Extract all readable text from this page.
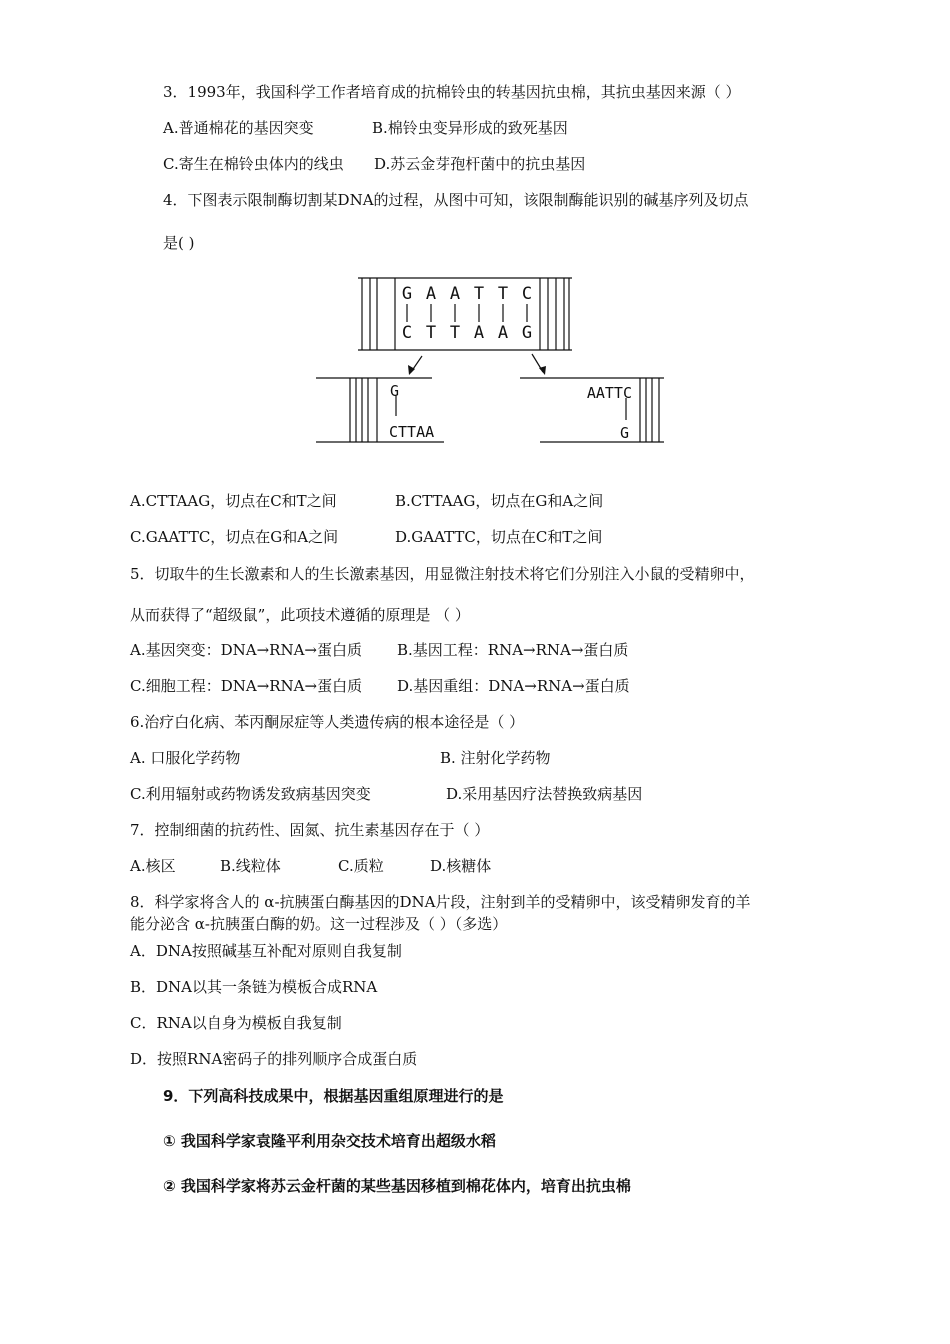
3．1993年，我国科学工作者培育成的抗棉铃虫的转基因抗虫棉，其抗虫基因来源（ ）
A.普通棉花的基因突变	B.棉铃虫变异形成的致死基因
C.寄生在棉铃虫体内的线虫 D.苏云金芽孢杆菌中的抗虫基因
4．下图表示限制酶切割某DNA的过程，从图中可知，该限制酶能识别的碱基序列及切点
是( )
G A A T T C
C T T A A G
G
CTTAA
AATTC
G
A.CTTAAG，切点在C和T之间	B.CTTAAG，切点在G和A之间
C.GAATTC，切点在G和A之间	D.GAATTC，切点在C和T之间
5．切取牛的生长激素和人的生长激素基因，用显微注射技术将它们分别注入小鼠的受精卵中，
从而获得了“超级鼠”，此项技术遵循的原理是 （ ）
A.基因突变：DNA→RNA→蛋白质 B.基因工程：RNA→RNA→蛋白质
C.细胞工程：DNA→RNA→蛋白质 D.基因重组：DNA→RNA→蛋白质
6.治疗白化病、苯丙酮尿症等人类遗传病的根本途径是（ ）
A. 口服化学药物	B. 注射化学药物
C.利用辐射或药物诱发致病基因突变	D.采用基因疗法替换致病基因
7．控制细菌的抗药性、固氮、抗生素基因存在于（ ）
A.核区	B.线粒体	C.质粒	D.核糖体
8．科学家将含人的 α-抗胰蛋白酶基因的DNA片段，注射到羊的受精卵中，该受精卵发育的羊
能分泌含 α-抗胰蛋白酶的奶。这一过程涉及（ ）（多选）
A．DNA按照碱基互补配对原则自我复制
B．DNA以其一条链为模板合成RNA
C．RNA以自身为模板自我复制
D．按照RNA密码子的排列顺序合成蛋白质
9．下列高科技成果中，根据基因重组原理进行的是
① 我国科学家袁隆平利用杂交技术培育出超级水稻
② 我国科学家将苏云金杆菌的某些基因移植到棉花体内，培育出抗虫棉
